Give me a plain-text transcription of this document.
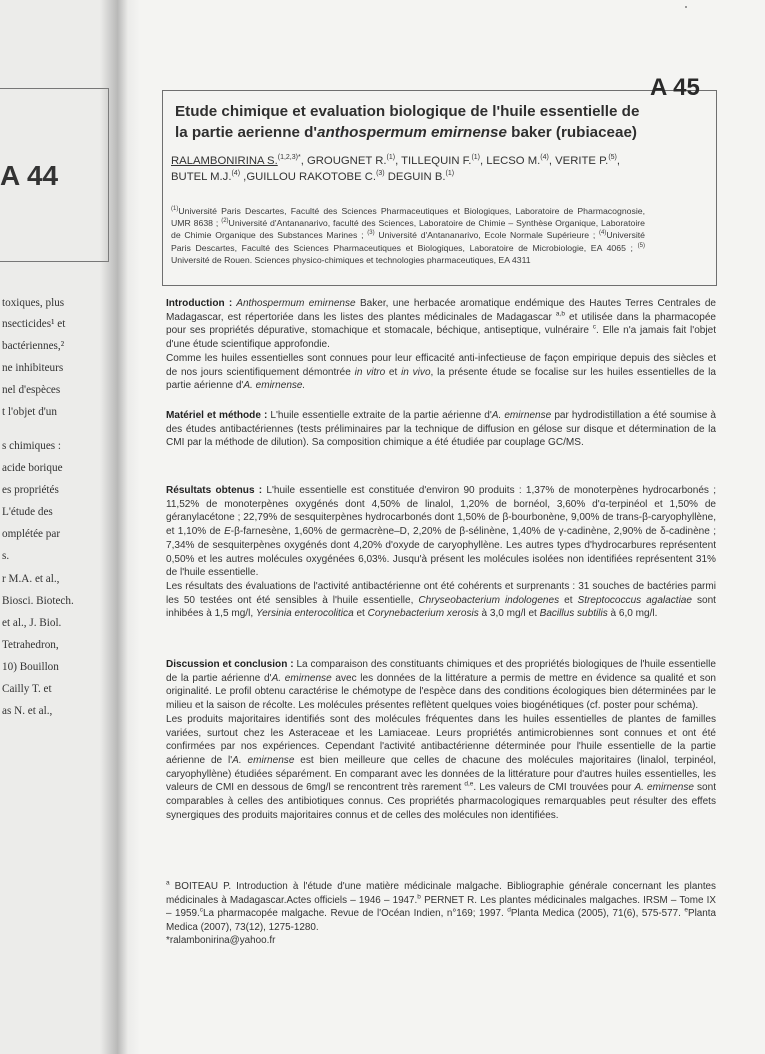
A 44
toxiques, plus
nsecticides¹ et
bactériennes,²
ne inhibiteurs
nel d'espèces
t l'objet d'un
s chimiques :
acide borique
es propriétés
L'étude des
omplétée par
s.
r M.A. et al.,
Biosci. Biotech.
et al., J. Biol.
Tetrahedron,
10) Bouillon
Cailly T. et
as N. et al.,
Etude chimique et evaluation biologique de l'huile essentielle de
la partie aerienne d'anthospermum emirnense baker (rubiaceae)
RALAMBONIRINA S.$^{(1,2,3)*}$, GROUGNET R.$^{(1)}$, TILLEQUIN F.$^{(1)}$, LECSO M.$^{(4)}$, VERITE P.$^{(5)}$, BUTEL M.J.$^{(4)}$ ,GUILLOU RAKOTOBE C.$^{(3)}$ DEGUIN B.$^{(1)}$
$^{(1)}$Université Paris Descartes, Faculté des Sciences Pharmaceutiques et Biologiques, Laboratoire de Pharmacognosie, UMR 8638 ; $^{(2)}$Université d'Antananarivo, faculté des Sciences, Laboratoire de Chimie – Synthèse Organique, Laboratoire de Chimie Organique des Substances Marines ; $^{(3)}$ Université d'Antananarivo, Ecole Normale Supérieure ; $^{(4)}$Université Paris Descartes, Faculté des Sciences Pharmaceutiques et Biologiques, Laboratoire de Microbiologie, EA 4065 ; $^{(5)}$ Université de Rouen. Sciences physico-chimiques et technologies pharmaceutiques, EA 4311
A 45

Introduction : Anthospermum emirnense Baker, une herbacée aromatique endémique des Hautes Terres Centrales de Madagascar, est répertoriée dans les listes des plantes médicinales de Madagascar $^{a,b}$ et utilisée dans la pharmacopée pour ses propriétés dépurative, stomachique et stomacale, béchique, antiseptique, vulnéraire $^c$. Elle n'a jamais fait l'objet d'une étude scientifique approfondie.

Comme les huiles essentielles sont connues pour leur efficacité anti-infectieuse de façon empirique depuis des siècles et de nos jours scientifiquement démontrée in vitro et in vivo, la présente étude se focalise sur les huiles essentielles de la partie aérienne d'A. emirnense.

Matériel et méthode : L'huile essentielle extraite de la partie aérienne d'A. emirnense par hydrodistillation a été soumise à des études antibactériennes (tests préliminaires par la technique de diffusion en gélose sur disque et détermination de la CMI par la méthode de dilution). Sa composition chimique a été étudiée par couplage GC/MS.

Résultats obtenus : L'huile essentielle est constituée d'environ 90 produits : 1,37% de monoterpènes hydrocarbonés ; 11,52% de monoterpènes oxygénés dont 4,50% de linalol, 1,20% de bornéol, 3,60% d'α-terpinéol et 1,50% de géranylacétone ; 22,79% de sesquiterpènes hydrocarbonés dont 1,50% de β-bourbonène, 9,00% de trans-β-caryophyllène, et 1,10% de E-β-farnesène, 1,60% de germacrène–D, 2,20% de β-sélinène, 1,40% de γ-cadinène, 2,90% de δ-cadinène ; 7,34% de sesquiterpènes oxygénés dont 4,20% d'oxyde de caryophyllène. Les autres types d'hydrocarbures représentent 0,50% et les autres molécules oxygénées 6,03%. Jusqu'à présent les molécules isolées non identifiées représentent 31% de l'huile essentielle.

Les résultats des évaluations de l'activité antibactérienne ont été cohérents et surprenants : 31 souches de bactéries parmi les 50 testées ont été sensibles à l'huile essentielle, Chryseobacterium indologenes et Streptococcus agalactiae sont inhibées à 1,5 mg/l, Yersinia enterocolitica et Corynebacterium xerosis à 3,0 mg/l et Bacillus subtilis à 6,0 mg/l.

Discussion et conclusion : La comparaison des constituants chimiques et des propriétés biologiques de l'huile essentielle de la partie aérienne d'A. emirnense avec les données de la littérature a permis de mettre en évidence sa qualité et son originalité. Le profil obtenu caractérise le chémotype de l'espèce dans des conditions écologiques bien déterminées par le milieu et la saison de récolte. Les molécules présentes reflètent quelques voies biogénétiques (cf. poster pour schéma).

Les produits majoritaires identifiés sont des molécules fréquentes dans les huiles essentielles de plantes de familles variées, surtout chez les Asteraceae et les Lamiaceae. Leurs propriétés antimicrobiennes sont connues et ont été confirmées par nos expériences. Cependant l'activité antibactérienne déterminée pour l'huile essentielle de la partie aérienne de l'A. emirnense est bien meilleure que celles de chacune des molécules majoritaires (linalol, terpinéol, caryophyllène) étudiées séparément. En comparant avec les données de la littérature pour d'autres huiles essentielles, les valeurs de CMI en dessous de 6mg/l se rencontrent très rarement $^{d,e}$. Les valeurs de CMI trouvées pour A. emirnense sont comparables à celles des antibiotiques connus. Ces propriétés pharmacologiques remarquables peut résulter des effets synergiques des produits majoritaires connus et de celles des molécules non identifiées.

$^a$ BOITEAU P. Introduction à l'étude d'une matière médicinale malgache. Bibliographie générale concernant les plantes médicinales à Madagascar.Actes officiels – 1946 – 1947.$^b$ PERNET R. Les plantes médicinales malgaches. IRSM – Tome IX – 1959.$^c$La pharmacopée malgache. Revue de l'Océan Indien, n°169; 1997. $^d$Planta Medica (2005), 71(6), 575-577. $^e$Planta Medica (2007), 73(12), 1275-1280.
*ralambonirina@yahoo.fr
